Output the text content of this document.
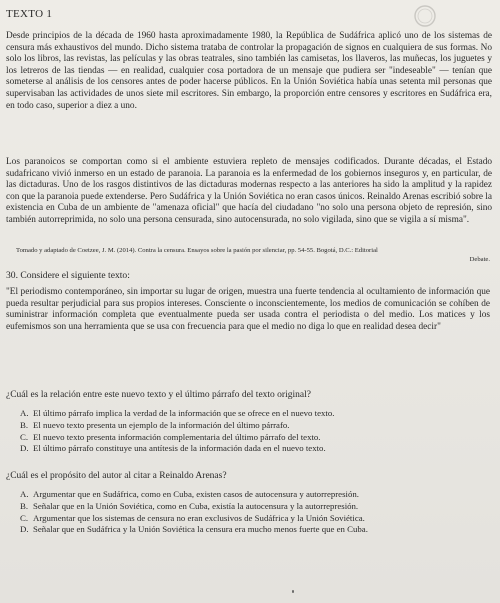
TEXTO 1

Desde principios de la década de 1960 hasta aproximadamente 1980, la República de Sudáfrica aplicó uno de los sistemas de censura más exhaustivos del mundo. Dicho sistema trataba de controlar la propagación de signos en cualquiera de sus formas. No solo los libros, las revistas, las películas y las obras teatrales, sino también las camisetas, los llaveros, las muñecas, los juguetes y los letreros de las tiendas — en realidad, cualquier cosa portadora de un mensaje que pudiera ser "indeseable" — tenían que someterse al análisis de los censores antes de poder hacerse públicos. En la Unión Soviética había unas setenta mil personas que supervisaban las actividades de unos siete mil escritores. Sin embargo, la proporción entre censores y escritores en Sudáfrica era, en todo caso, superior a diez a uno.

Los paranoicos se comportan como si el ambiente estuviera repleto de mensajes codificados. Durante décadas, el Estado sudafricano vivió inmerso en un estado de paranoia. La paranoia es la enfermedad de los gobiernos inseguros y, en particular, de las dictaduras. Uno de los rasgos distintivos de las dictaduras modernas respecto a las anteriores ha sido la amplitud y la rapidez con que la paranoia puede extenderse. Pero Sudáfrica y la Unión Soviética no eran casos únicos. Reinaldo Arenas escribió sobre la existencia en Cuba de un ambiente de "amenaza oficial" que hacía del ciudadano "no solo una persona objeto de represión, sino también autorreprimida, no solo una persona censurada, sino autocensurada, no solo vigilada, sino que se vigila a sí misma".

Tomado y adaptado de Coetzee, J. M. (2014). Contra la censura. Ensayos sobre la pasión por silenciar, pp. 54-55. Bogotá, D.C.: Editorial
Debate.

30. Considere el siguiente texto:

"El periodismo contemporáneo, sin importar su lugar de origen, muestra una fuerte tendencia al ocultamiento de información que pueda resultar perjudicial para sus propios intereses. Consciente o inconscientemente, los medios de comunicación se cohíben de suministrar información completa que eventualmente pueda ser usada contra el periodista o del medio. Los matices y los eufemismos son una herramienta que se usa con frecuencia para que el medio no diga lo que en realidad desea decir"

¿Cuál es la relación entre este nuevo texto y el último párrafo del texto original?
A. El último párrafo implica la verdad de la información que se ofrece en el nuevo texto.
B. El nuevo texto presenta un ejemplo de la información del último párrafo.
C. El nuevo texto presenta información complementaria del último párrafo del texto.
D. El último párrafo constituye una antítesis de la información dada en el nuevo texto.
¿Cuál es el propósito del autor al citar a Reinaldo Arenas?
A. Argumentar que en Sudáfrica, como en Cuba, existen casos de autocensura y autorrepresión.
B. Señalar que en la Unión Soviética, como en Cuba, existía la autocensura y la autorrepresión.
C. Argumentar que los sistemas de censura no eran exclusivos de Sudáfrica y la Unión Soviética.
D. Señalar que en Sudáfrica y la Unión Soviética la censura era mucho menos fuerte que en Cuba.
